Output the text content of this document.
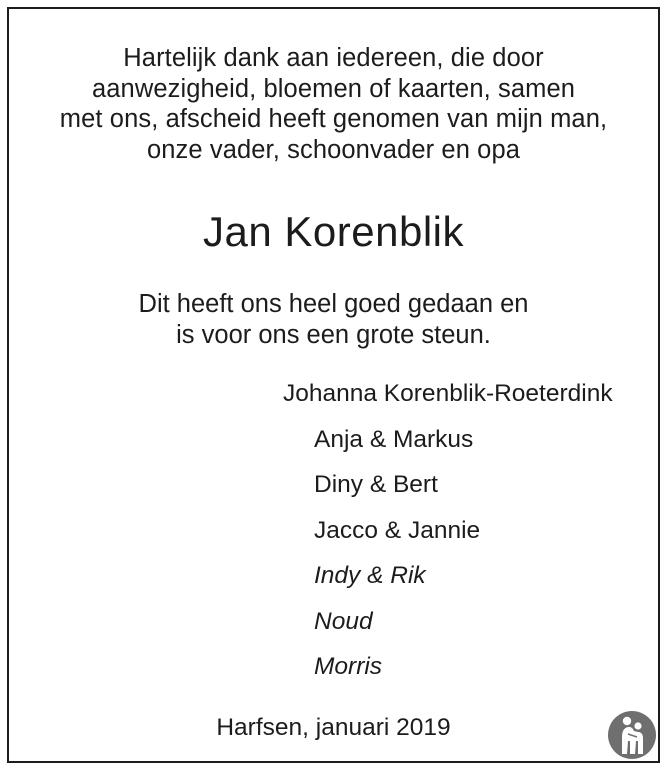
Hartelijk dank aan iedereen, die door
aanwezigheid, bloemen of kaarten, samen
met ons, afscheid heeft genomen van mijn man,
onze vader, schoonvader en opa
Jan Korenblik
Dit heeft ons heel goed gedaan en
is voor ons een grote steun.
Johanna Korenblik-Roeterdink
Anja & Markus
Diny & Bert
Jacco & Jannie
Indy & Rik
Noud
Morris
Harfsen, januari 2019
